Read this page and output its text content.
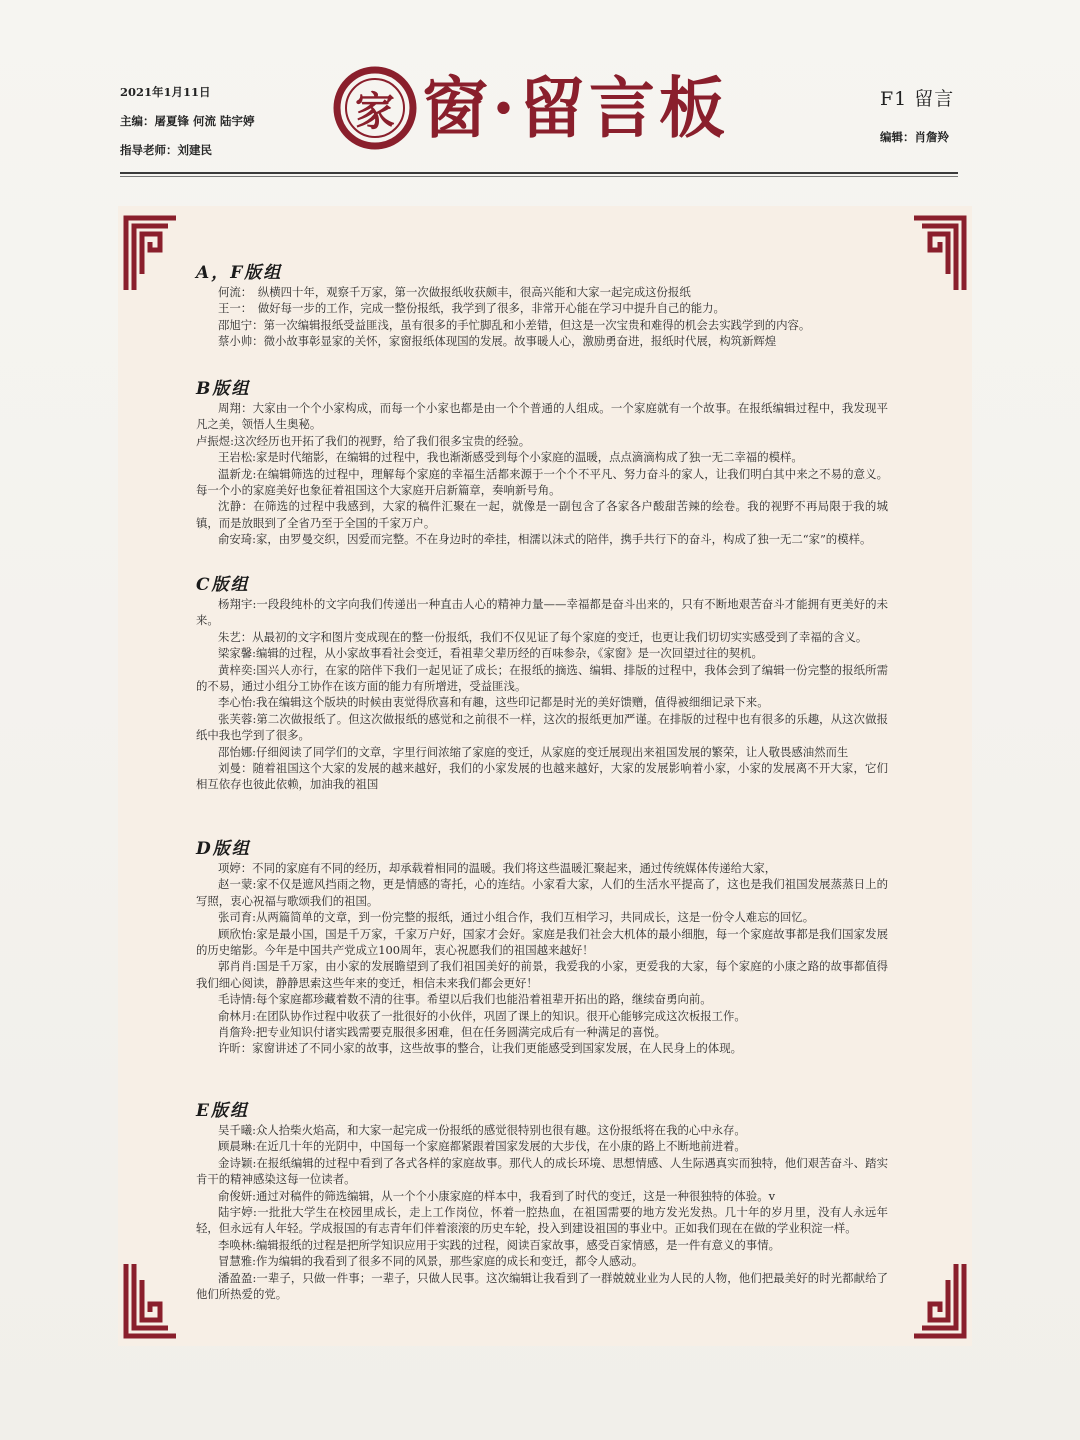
2021年1月11日
主编：屠夏锋 何流 陆宇婷
指导老师：刘建民
家 窗·留言板	F1 留言
编辑：肖詹羚
A，F版组

何流：　纵横四十年，观察千万家，第一次做报纸收获颇丰，很高兴能和大家一起完成这份报纸

王一：　做好每一步的工作，完成一整份报纸，我学到了很多，非常开心能在学习中提升自己的能力。

邵旭宁：第一次编辑报纸受益匪浅，虽有很多的手忙脚乱和小差错，但这是一次宝贵和难得的机会去实践学到的内容。

蔡小帅：微小故事彰显家的关怀，家窗报纸体现国的发展。故事暖人心，激励勇奋进，报纸时代展，构筑新辉煌

B版组

周翔：大家由一个个小家构成，而每一个小家也都是由一个个普通的人组成。一个家庭就有一个故事。在报纸编辑过程中，我发现平凡之美，领悟人生奥秘。

卢振煜:这次经历也开拓了我们的视野，给了我们很多宝贵的经验。

王岩松:家是时代缩影，在编辑的过程中，我也渐渐感受到每个小家庭的温暖，点点滴滴构成了独一无二幸福的模样。

温新龙:在编辑筛选的过程中，理解每个家庭的幸福生活都来源于一个个不平凡、努力奋斗的家人，让我们明白其中来之不易的意义。每一个小的家庭美好也象征着祖国这个大家庭开启新篇章，奏响新号角。

沈静：在筛选的过程中我感到，大家的稿件汇聚在一起，就像是一副包含了各家各户酸甜苦辣的绘卷。我的视野不再局限于我的城镇，而是放眼到了全省乃至于全国的千家万户。

俞安琦:家，由罗曼交织，因爱而完整。不在身边时的牵挂，相濡以沫式的陪伴，携手共行下的奋斗，构成了独一无二“家”的模样。

C版组

杨翔宇:一段段纯朴的文字向我们传递出一种直击人心的精神力量——幸福都是奋斗出来的，只有不断地艰苦奋斗才能拥有更美好的未来。

朱艺：从最初的文字和图片变成现在的整一份报纸，我们不仅见证了每个家庭的变迁，也更让我们切切实实感受到了幸福的含义。

梁家馨:编辑的过程，从小家故事看社会变迁，看祖辈父辈历经的百味参杂，《家窗》是一次回望过往的契机。

黄梓奕:国兴人亦行，在家的陪伴下我们一起见证了成长；在报纸的摘选、编辑、排版的过程中，我体会到了编辑一份完整的报纸所需的不易，通过小组分工协作在该方面的能力有所增进，受益匪浅。

李心怡:我在编辑这个版块的时候由衷觉得欣喜和有趣，这些印记都是时光的美好馈赠，值得被细细记录下来。

张芙蓉:第二次做报纸了。但这次做报纸的感觉和之前很不一样，这次的报纸更加严谨。在排版的过程中也有很多的乐趣，从这次做报纸中我也学到了很多。

邵怡娜:仔细阅读了同学们的文章，字里行间浓缩了家庭的变迁，从家庭的变迁展现出来祖国发展的繁荣，让人敬畏感油然而生

刘曼：随着祖国这个大家的发展的越来越好，我们的小家发展的也越来越好，大家的发展影响着小家，小家的发展离不开大家，它们相互依存也彼此依赖，加油我的祖国

D版组

项婷：不同的家庭有不同的经历，却承载着相同的温暖。我们将这些温暖汇聚起来，通过传统媒体传递给大家，

赵一蒙:家不仅是遮风挡雨之物，更是情感的寄托，心的连结。小家看大家，人们的生活水平提高了，这也是我们祖国发展蒸蒸日上的写照，衷心祝福与歌颂我们的祖国。

张司育:从两篇简单的文章，到一份完整的报纸，通过小组合作，我们互相学习，共同成长，这是一份令人难忘的回忆。

顾欣怡:家是最小国，国是千万家，千家万户好，国家才会好。家庭是我们社会大机体的最小细胞，每一个家庭故事都是我们国家发展的历史缩影。今年是中国共产党成立100周年，衷心祝愿我们的祖国越来越好！

郭肖肖:国是千万家，由小家的发展瞻望到了我们祖国美好的前景，我爱我的小家，更爱我的大家，每个家庭的小康之路的故事都值得我们细心阅读，静静思索这些年来的变迁，相信未来我们都会更好！

毛诗情:每个家庭都珍藏着数不清的往事。希望以后我们也能沿着祖辈开拓出的路，继续奋勇向前。

俞林月:在团队协作过程中收获了一批很好的小伙伴，巩固了课上的知识。很开心能够完成这次板报工作。

肖詹羚:把专业知识付诸实践需要克服很多困难，但在任务圆满完成后有一种满足的喜悦。

许昕：家窗讲述了不同小家的故事，这些故事的整合，让我们更能感受到国家发展，在人民身上的体现。

E版组

吴千曦:众人拾柴火焰高，和大家一起完成一份报纸的感觉很特别也很有趣。这份报纸将在我的心中永存。

顾晨琳:在近几十年的光阴中，中国每一个家庭都紧跟着国家发展的大步伐，在小康的路上不断地前进着。

金诗颖:在报纸编辑的过程中看到了各式各样的家庭故事。那代人的成长环境、思想情感、人生际遇真实而独特，他们艰苦奋斗、踏实肯干的精神感染这每一位读者。

俞俊妍:通过对稿件的筛选编辑，从一个个小康家庭的样本中，我看到了时代的变迁，这是一种很独特的体验。v

陆宇婷:一批批大学生在校园里成长，走上工作岗位，怀着一腔热血，在祖国需要的地方发光发热。几十年的岁月里，没有人永远年轻，但永远有人年轻。学成报国的有志青年们伴着滚滚的历史车轮，投入到建设祖国的事业中。正如我们现在在做的学业积淀一样。

李唤林:编辑报纸的过程是把所学知识应用于实践的过程，阅读百家故事，感受百家情感，是一件有意义的事情。

冒慧雅:作为编辑的我看到了很多不同的风景，那些家庭的成长和变迁，都令人感动。

潘盈盈:一辈子，只做一件事；一辈子，只做人民事。这次编辑让我看到了一群兢兢业业为人民的人物，他们把最美好的时光都献给了他们所热爱的党。
